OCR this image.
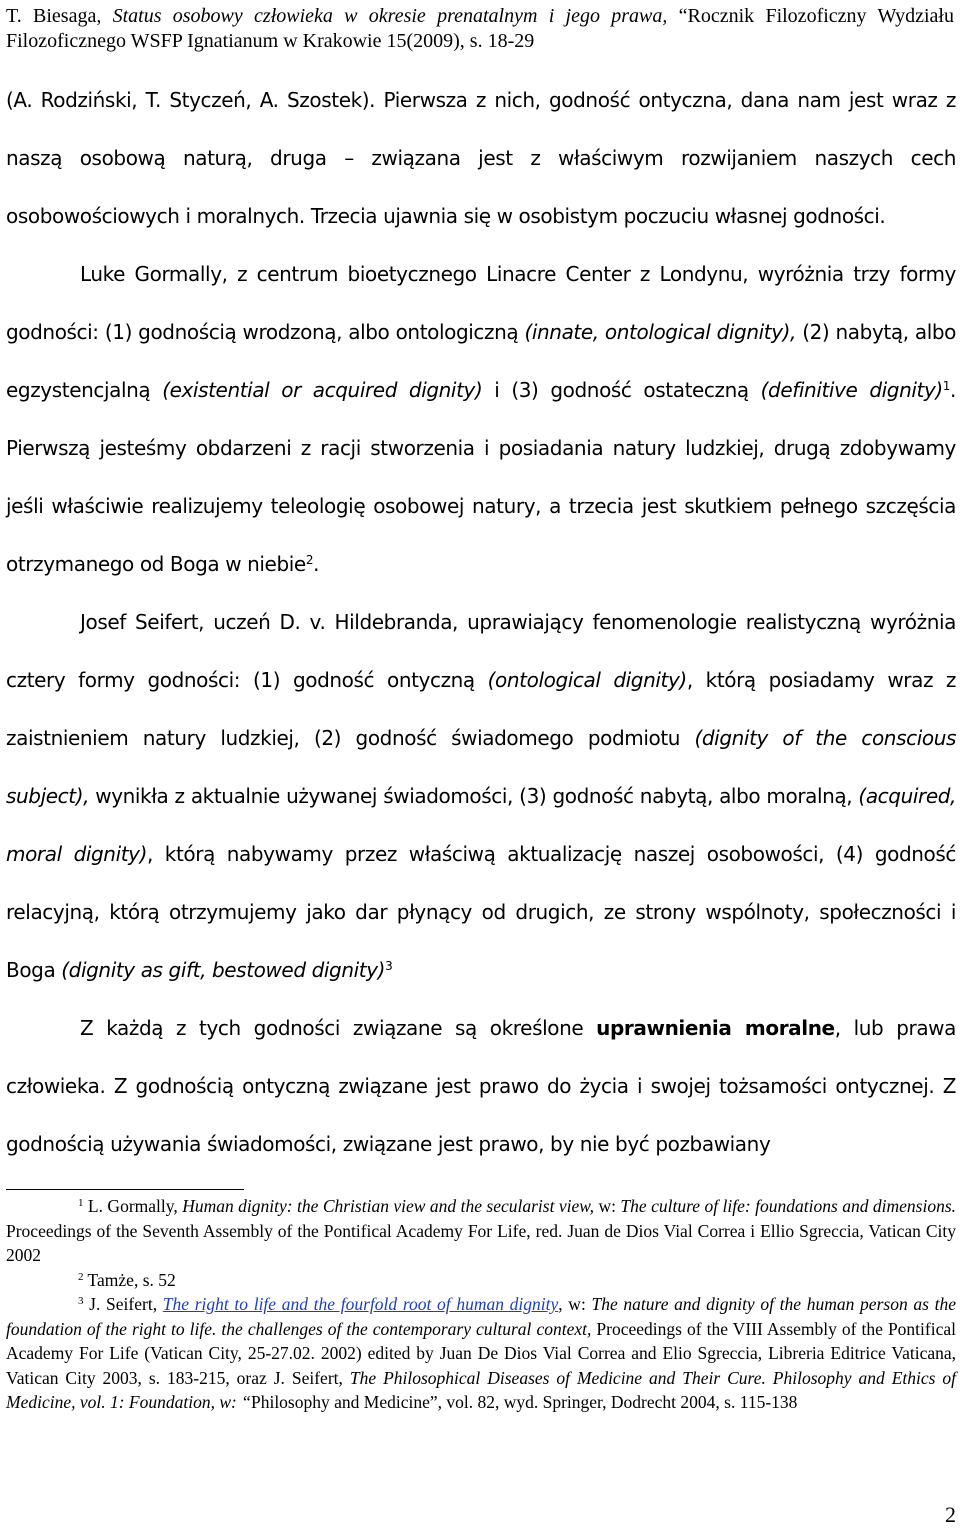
T. Biesaga, Status osobowy człowieka w okresie prenatalnym i jego prawa, “Rocznik Filozoficzny Wydziału Filozoficznego WSFP Ignatianum w Krakowie 15(2009), s. 18-29

(A. Rodziński, T. Styczeń, A. Szostek). Pierwsza z nich, godność ontyczna, dana nam jest wraz z naszą osobową naturą, druga – związana jest z właściwym rozwijaniem naszych cech osobowościowych i moralnych. Trzecia ujawnia się w osobistym poczuciu własnej godności.

Luke Gormally, z centrum bioetycznego Linacre Center z Londynu, wyróżnia trzy formy godności: (1) godnością wrodzoną, albo ontologiczną (innate, ontological dignity), (2) nabytą, albo egzystencjalną (existential or acquired dignity) i (3) godność ostateczną (definitive dignity)$^1$. Pierwszą jesteśmy obdarzeni z racji stworzenia i posiadania natury ludzkiej, drugą zdobywamy jeśli właściwie realizujemy teleologię osobowej natury, a trzecia jest skutkiem pełnego szczęścia otrzymanego od Boga w niebie$^2$.

Josef Seifert, uczeń D. v. Hildebranda, uprawiający fenomenologie realistyczną wyróżnia cztery formy godności: (1) godność ontyczną (ontological dignity), którą posiadamy wraz z zaistnieniem natury ludzkiej, (2) godność świadomego podmiotu (dignity of the conscious subject), wynikła z aktualnie używanej świadomości, (3) godność nabytą, albo moralną, (acquired, moral dignity), którą nabywamy przez właściwą aktualizację naszej osobowości, (4) godność relacyjną, którą otrzymujemy jako dar płynący od drugich, ze strony wspólnoty, społeczności i Boga (dignity as gift, bestowed dignity)$^3$

Z każdą z tych godności związane są określone uprawnienia moralne, lub prawa człowieka. Z godnością ontyczną związane jest prawo do życia i swojej tożsamości ontycznej. Z godnością używania świadomości, związane jest prawo, by nie być pozbawiany

$^1$ L. Gormally, Human dignity: the Christian view and the secularist view, w: The culture of life: foundations and dimensions. Proceedings of the Seventh Assembly of the Pontifical Academy For Life, red. Juan de Dios Vial Correa i Ellio Sgreccia, Vatican City 2002

$^2$ Tamże, s. 52

$^3$ J. Seifert, The right to life and the fourfold root of human dignity, w: The nature and dignity of the human person as the foundation of the right to life. the challenges of the contemporary cultural context, Proceedings of the VIII Assembly of the Pontifical Academy For Life (Vatican City, 25-27.02. 2002) edited by Juan De Dios Vial Correa and Elio Sgreccia, Libreria Editrice Vaticana, Vatican City 2003, s. 183-215, oraz J. Seifert, The Philosophical Diseases of Medicine and Their Cure. Philosophy and Ethics of Medicine, vol. 1: Foundation, w: “Philosophy and Medicine”, vol. 82, wyd. Springer, Dodrecht 2004, s. 115-138

2
